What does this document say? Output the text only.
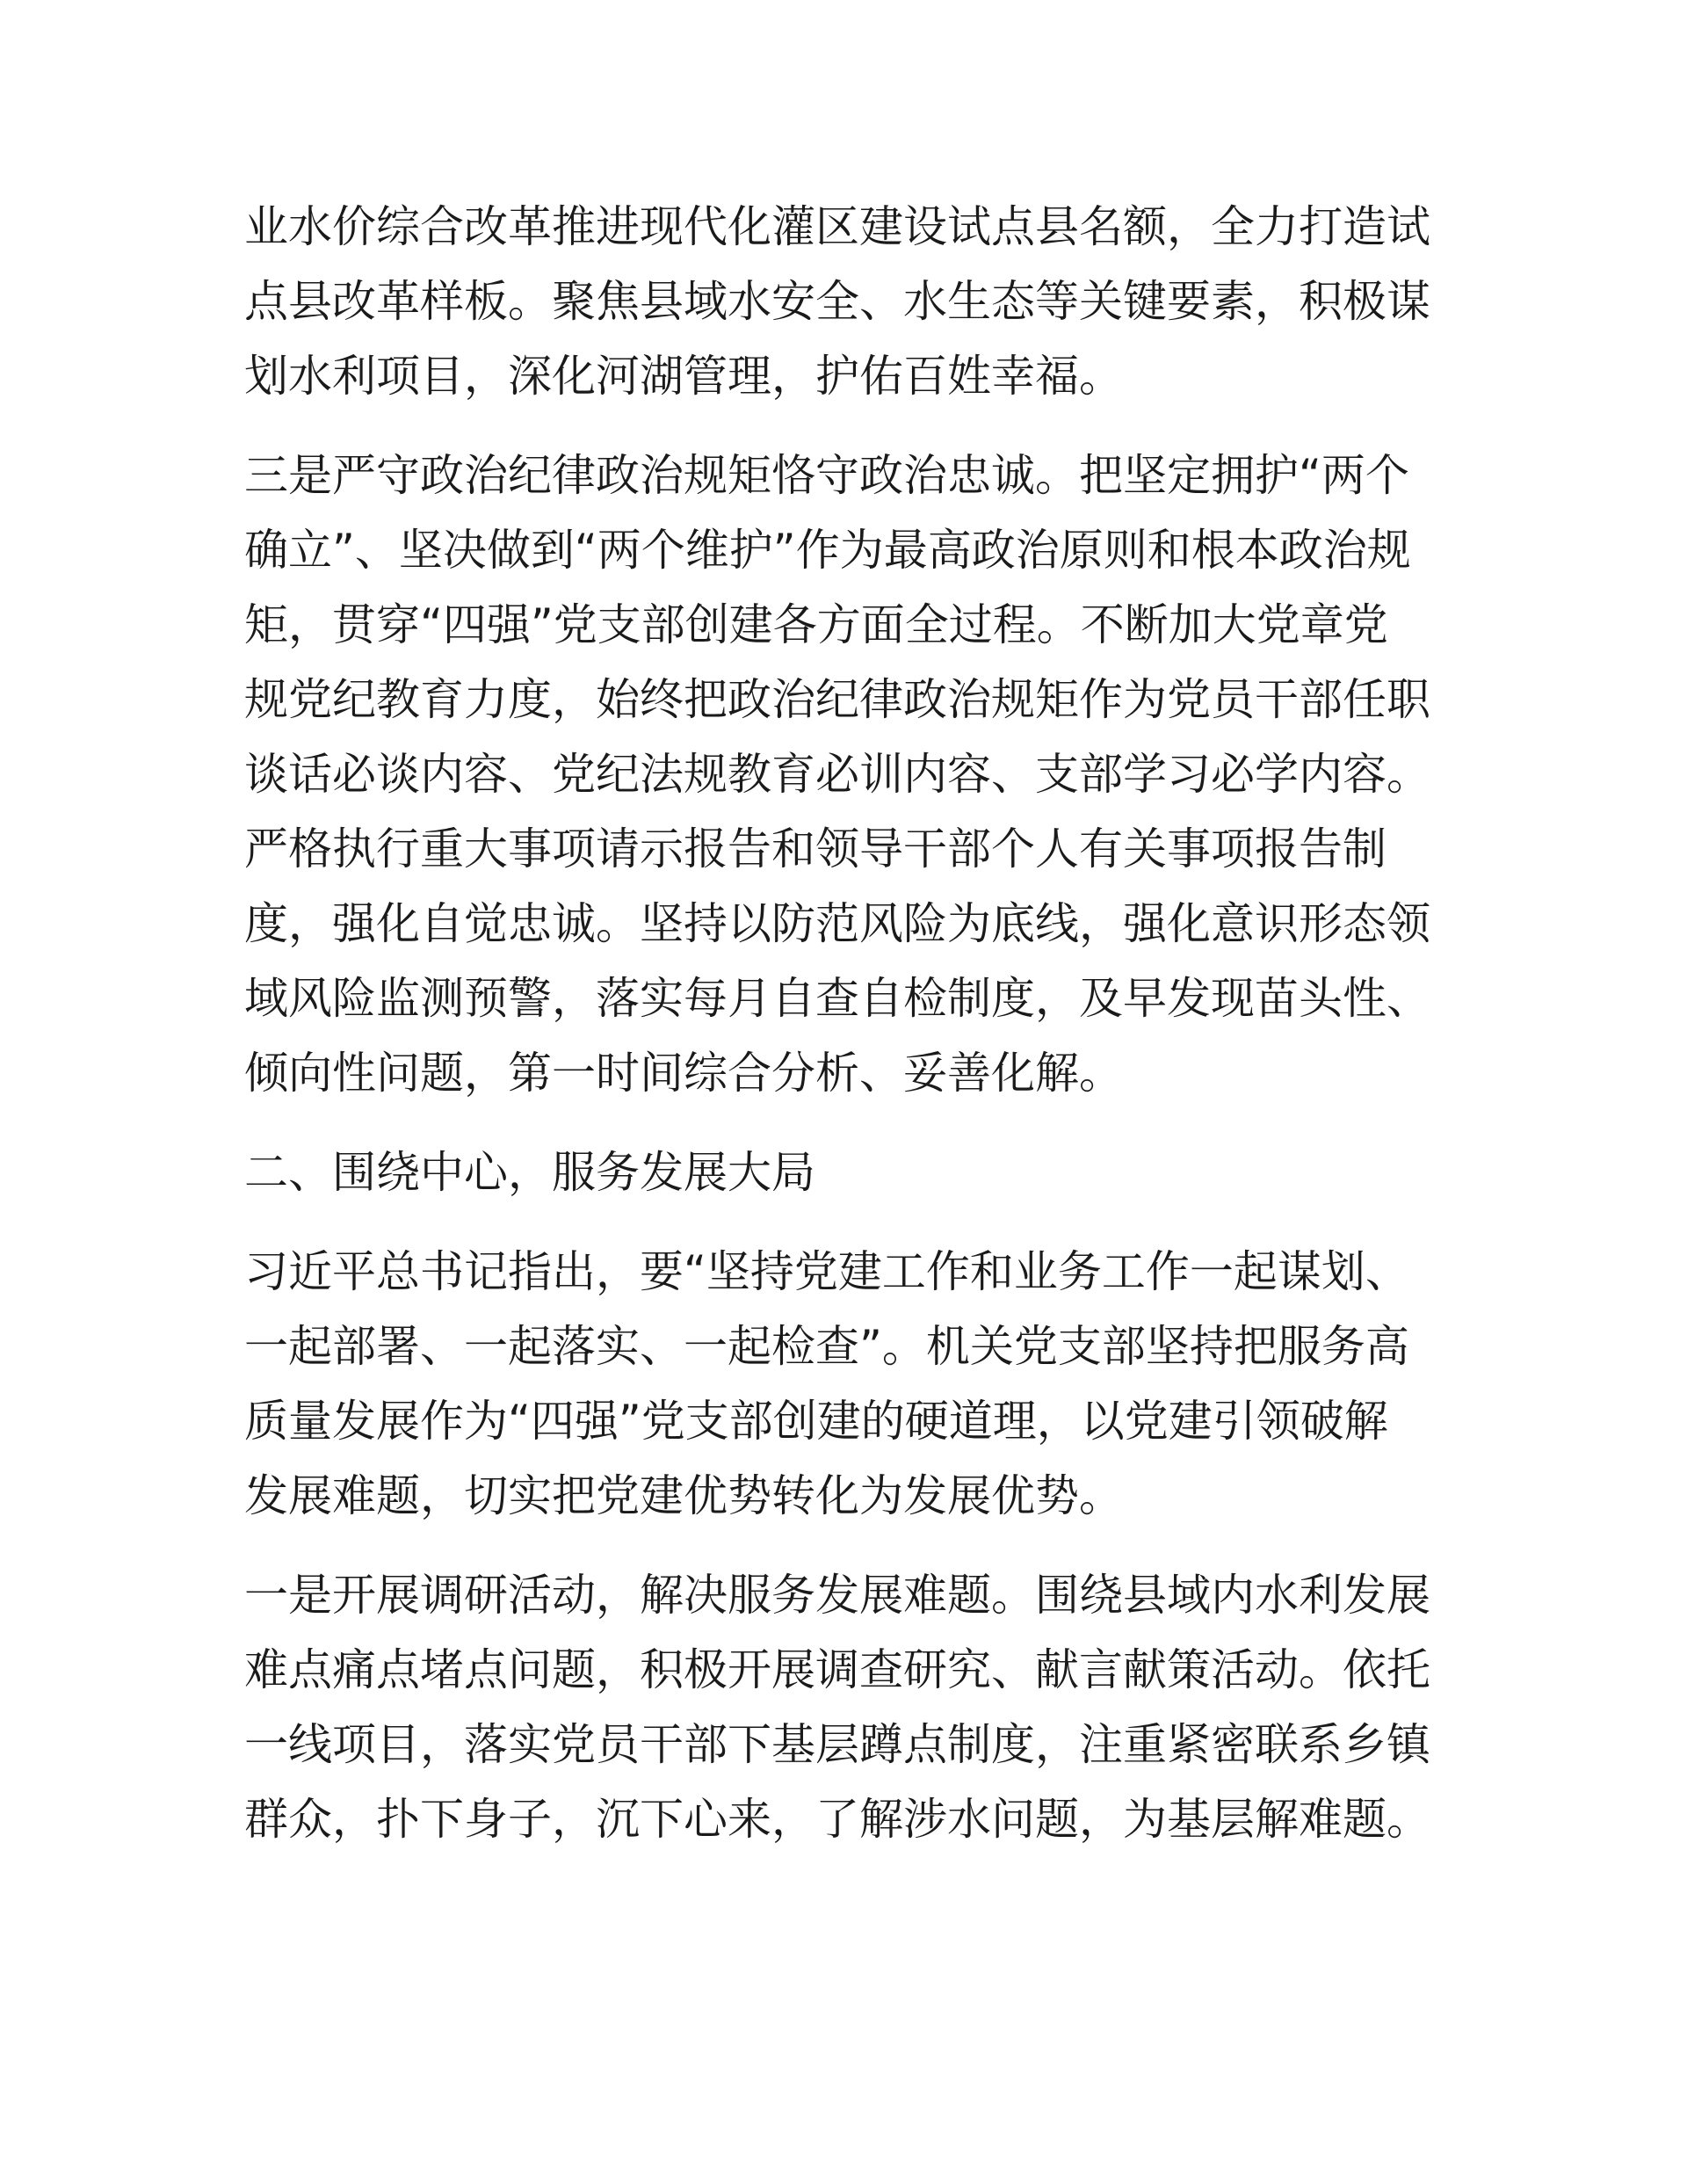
业水价综合改革推进现代化灌区建设试点县名额，全力打造试
点县改革样板。聚焦县域水安全、水生态等关键要素，积极谋
划水利项目，深化河湖管理，护佑百姓幸福。
三是严守政治纪律政治规矩恪守政治忠诚。把坚定拥护“两个
确立”、坚决做到“两个维护”作为最高政治原则和根本政治规
矩，贯穿“四强”党支部创建各方面全过程。不断加大党章党
规党纪教育力度，始终把政治纪律政治规矩作为党员干部任职
谈话必谈内容、党纪法规教育必训内容、支部学习必学内容。
严格执行重大事项请示报告和领导干部个人有关事项报告制
度，强化自觉忠诚。坚持以防范风险为底线，强化意识形态领
域风险监测预警，落实每月自查自检制度，及早发现苗头性、
倾向性问题，第一时间综合分析、妥善化解。
二、围绕中心，服务发展大局
习近平总书记指出，要“坚持党建工作和业务工作一起谋划、
一起部署、一起落实、一起检查”。机关党支部坚持把服务高
质量发展作为“四强”党支部创建的硬道理，以党建引领破解
发展难题，切实把党建优势转化为发展优势。
一是开展调研活动，解决服务发展难题。围绕县域内水利发展
难点痛点堵点问题，积极开展调查研究、献言献策活动。依托
一线项目，落实党员干部下基层蹲点制度，注重紧密联系乡镇
群众，扑下身子，沉下心来，了解涉水问题，为基层解难题。
